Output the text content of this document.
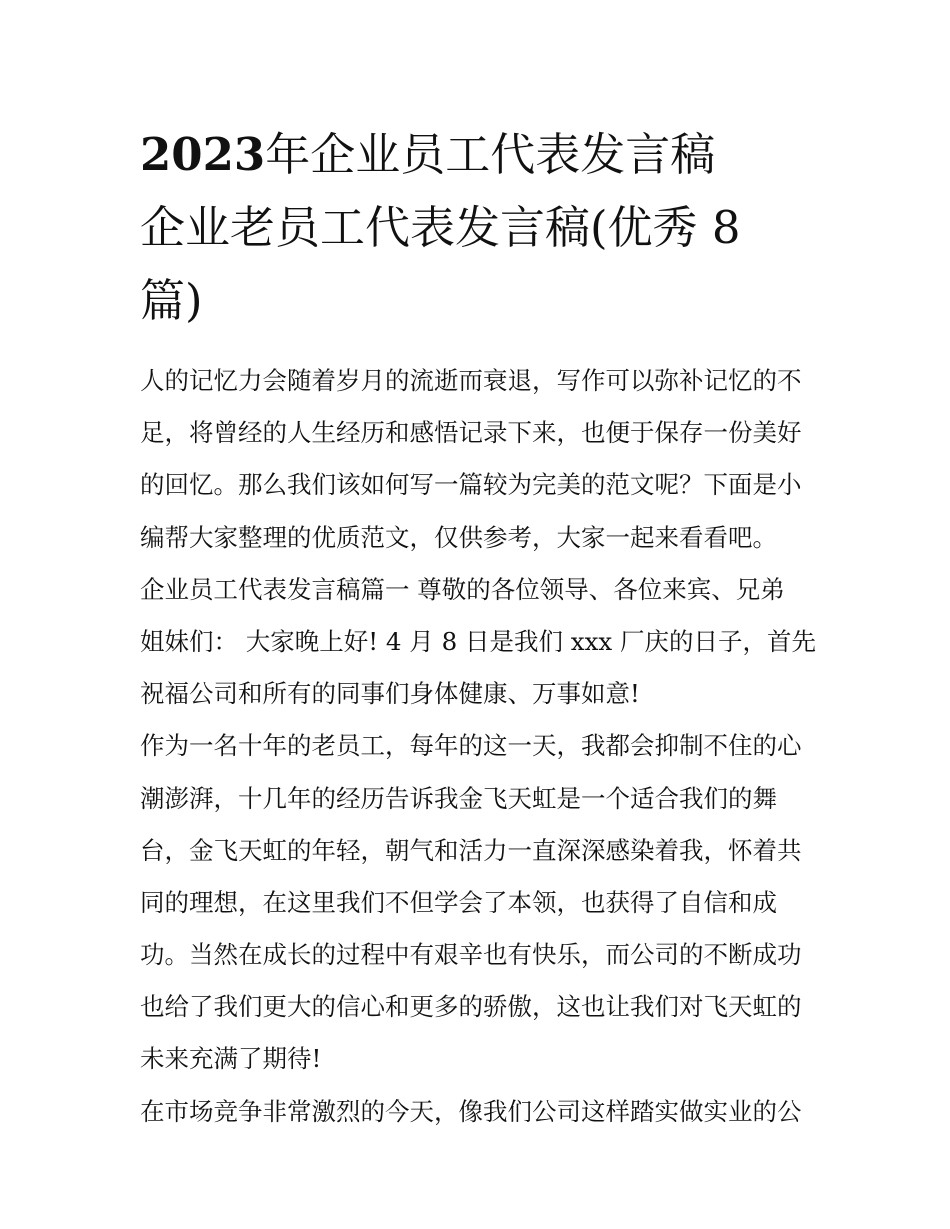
2023年企业员工代表发言稿
企业老员工代表发言稿(优秀 8
篇)
人的记忆力会随着岁月的流逝而衰退，写作可以弥补记忆的不
足，将曾经的人生经历和感悟记录下来，也便于保存一份美好
的回忆。那么我们该如何写一篇较为完美的范文呢？下面是小
编帮大家整理的优质范文，仅供参考，大家一起来看看吧。
企业员工代表发言稿篇一 尊敬的各位领导、各位来宾、兄弟
姐妹们： 大家晚上好! 4 月 8 日是我们 xxx 厂庆的日子，首先
祝福公司和所有的同事们身体健康、万事如意!
作为一名十年的老员工，每年的这一天，我都会抑制不住的心
潮澎湃，十几年的经历告诉我金飞天虹是一个适合我们的舞
台，金飞天虹的年轻，朝气和活力一直深深感染着我，怀着共
同的理想，在这里我们不但学会了本领，也获得了自信和成
功。当然在成长的过程中有艰辛也有快乐，而公司的不断成功
也给了我们更大的信心和更多的骄傲，这也让我们对飞天虹的
未来充满了期待!
在市场竞争非常激烈的今天，像我们公司这样踏实做实业的公
